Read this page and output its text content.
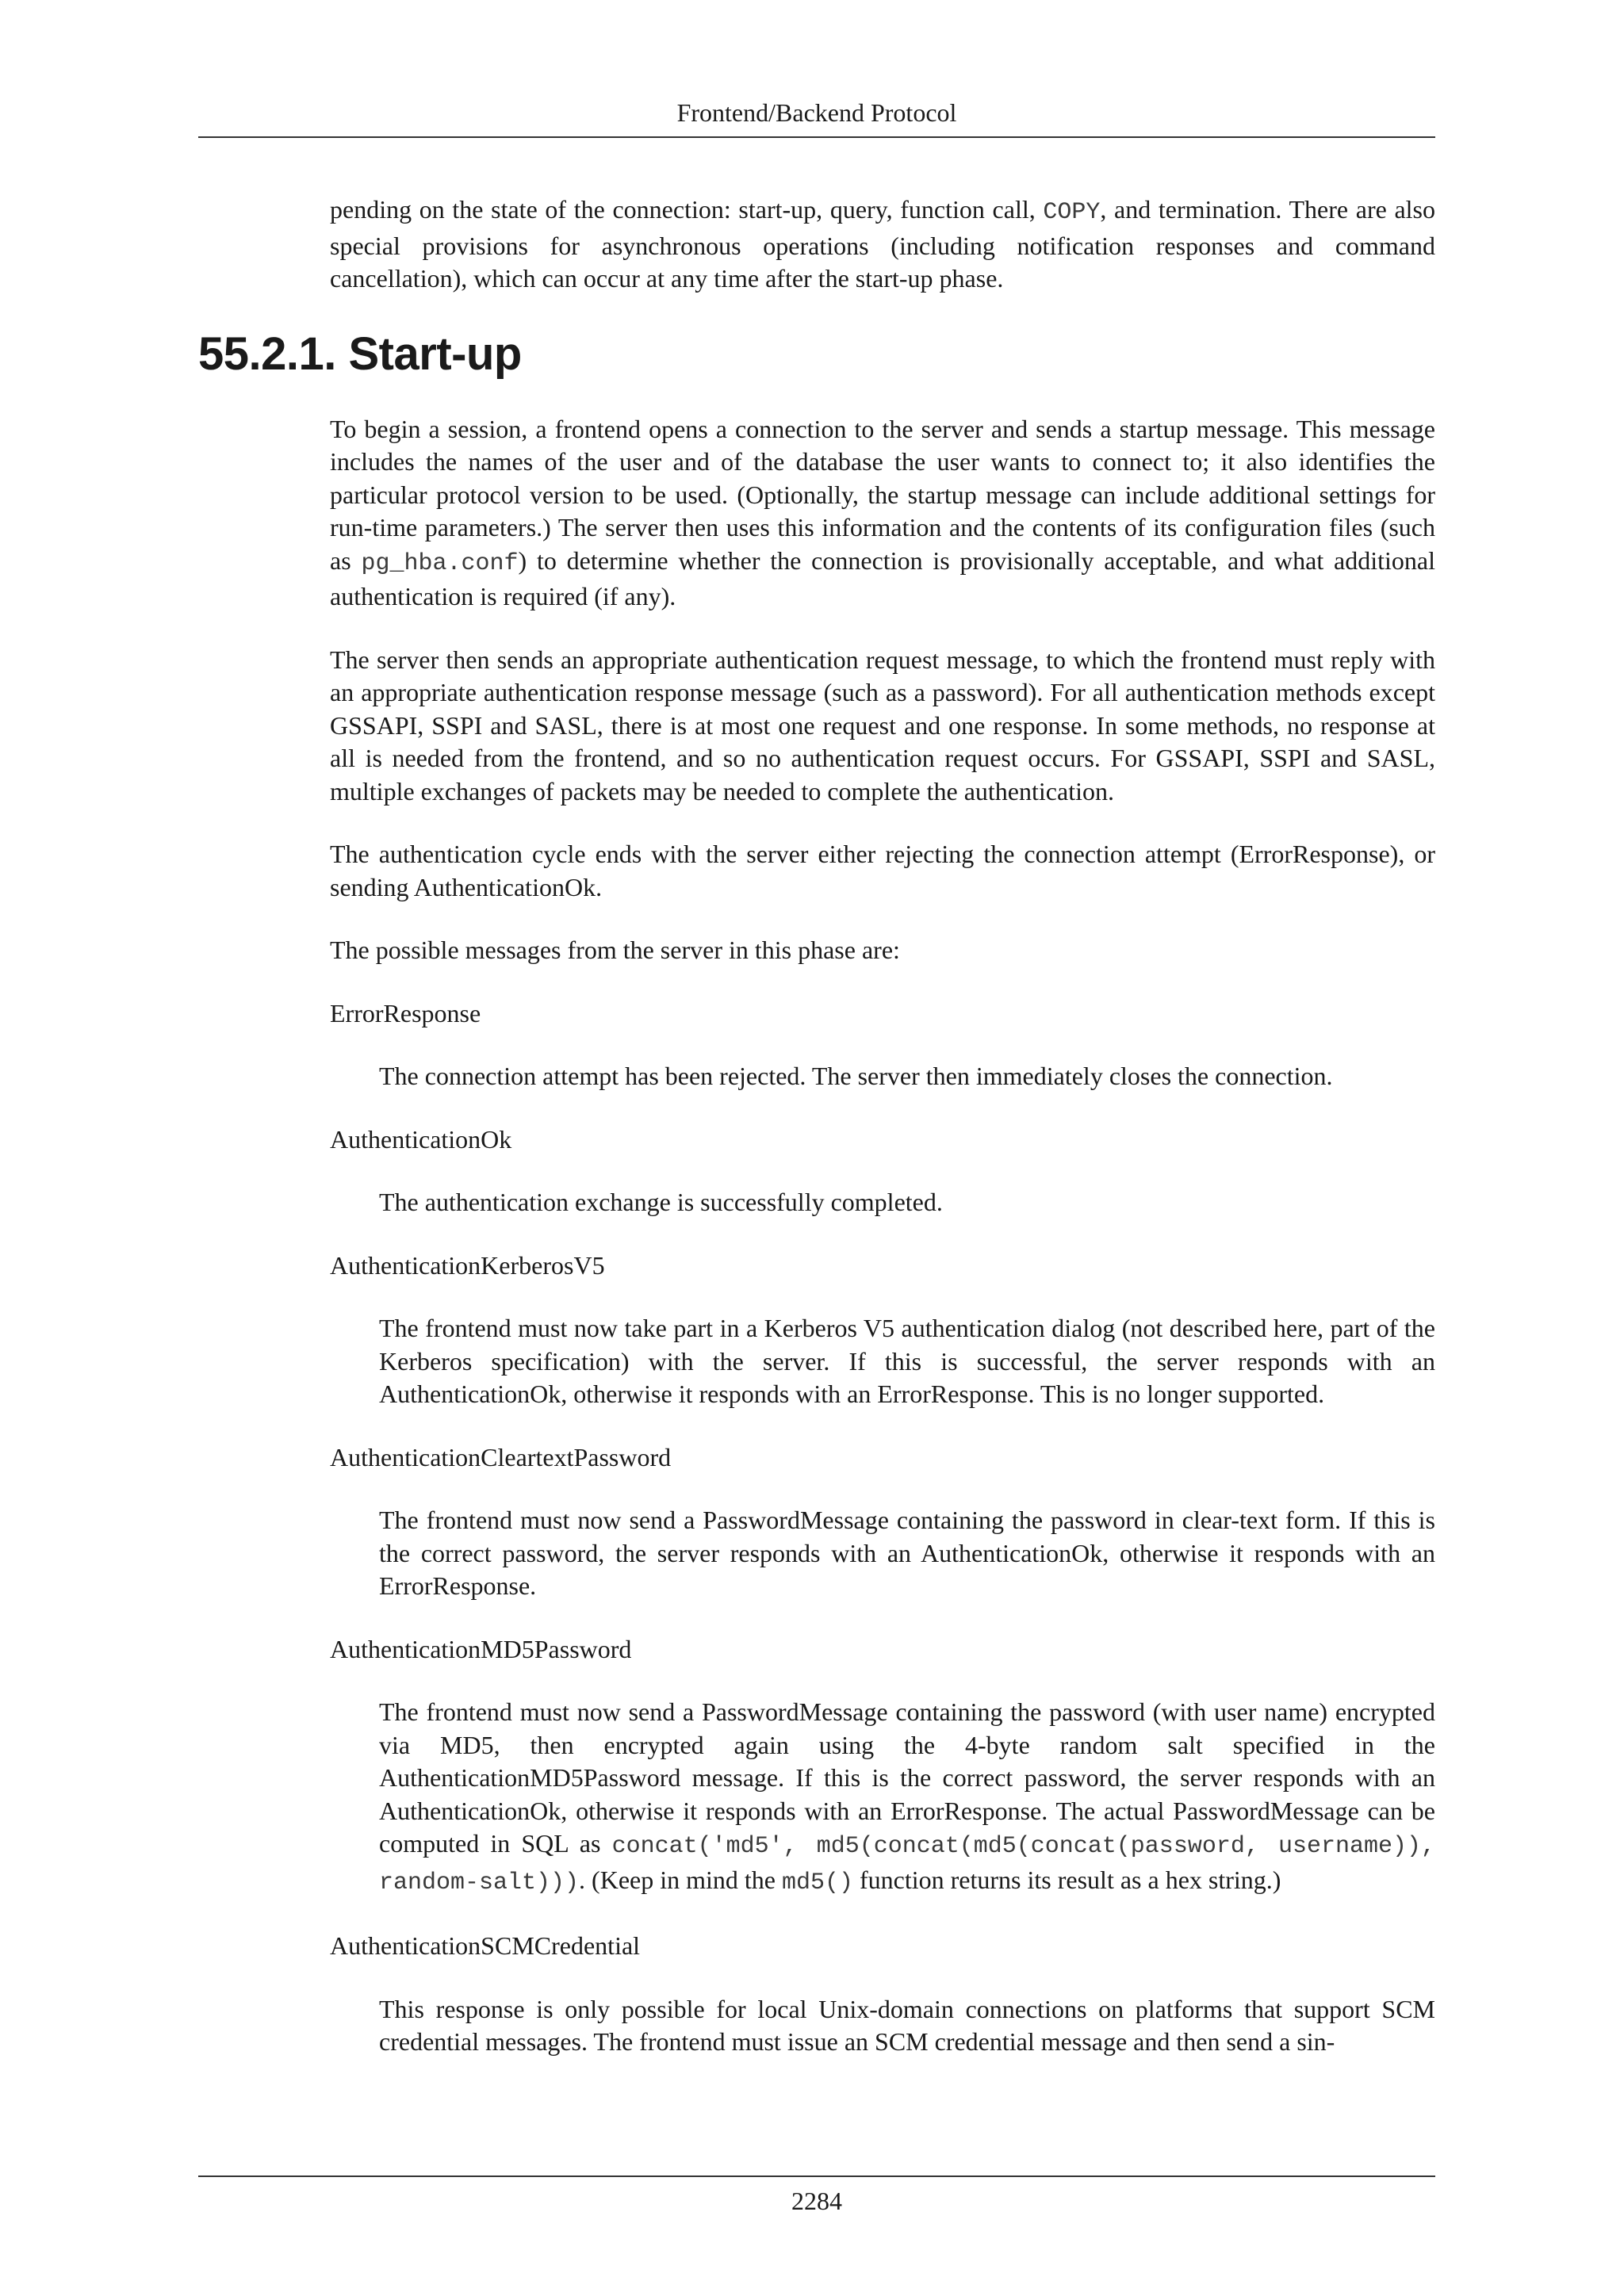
Frontend/Backend Protocol

pending on the state of the connection: start-up, query, function call, COPY, and termination. There are also special provisions for asynchronous operations (including notification responses and command cancellation), which can occur at any time after the start-up phase.

55.2.1. Start-up

To begin a session, a frontend opens a connection to the server and sends a startup message. This message includes the names of the user and of the database the user wants to connect to; it also identifies the particular protocol version to be used. (Optionally, the startup message can include additional settings for run-time parameters.) The server then uses this information and the contents of its configuration files (such as pg_hba.conf) to determine whether the connection is provisionally acceptable, and what additional authentication is required (if any).

The server then sends an appropriate authentication request message, to which the frontend must reply with an appropriate authentication response message (such as a password). For all authentication methods except GSSAPI, SSPI and SASL, there is at most one request and one response. In some methods, no response at all is needed from the frontend, and so no authentication request occurs. For GSSAPI, SSPI and SASL, multiple exchanges of packets may be needed to complete the authentication.

The authentication cycle ends with the server either rejecting the connection attempt (ErrorResponse), or sending AuthenticationOk.

The possible messages from the server in this phase are:

ErrorResponse
The connection attempt has been rejected. The server then immediately closes the connection.
AuthenticationOk
The authentication exchange is successfully completed.
AuthenticationKerberosV5
The frontend must now take part in a Kerberos V5 authentication dialog (not described here, part of the Kerberos specification) with the server. If this is successful, the server responds with an AuthenticationOk, otherwise it responds with an ErrorResponse. This is no longer supported.
AuthenticationCleartextPassword
The frontend must now send a PasswordMessage containing the password in clear-text form. If this is the correct password, the server responds with an AuthenticationOk, otherwise it responds with an ErrorResponse.
AuthenticationMD5Password
The frontend must now send a PasswordMessage containing the password (with user name) encrypted via MD5, then encrypted again using the 4-byte random salt specified in the AuthenticationMD5Password message. If this is the correct password, the server responds with an AuthenticationOk, otherwise it responds with an ErrorResponse. The actual PasswordMessage can be computed in SQL as concat('md5', md5(concat(md5(concat(password, username)), random-salt))). (Keep in mind the md5() function returns its result as a hex string.)
AuthenticationSCMCredential
This response is only possible for local Unix-domain connections on platforms that support SCM credential messages. The frontend must issue an SCM credential message and then send a sin-
2284
